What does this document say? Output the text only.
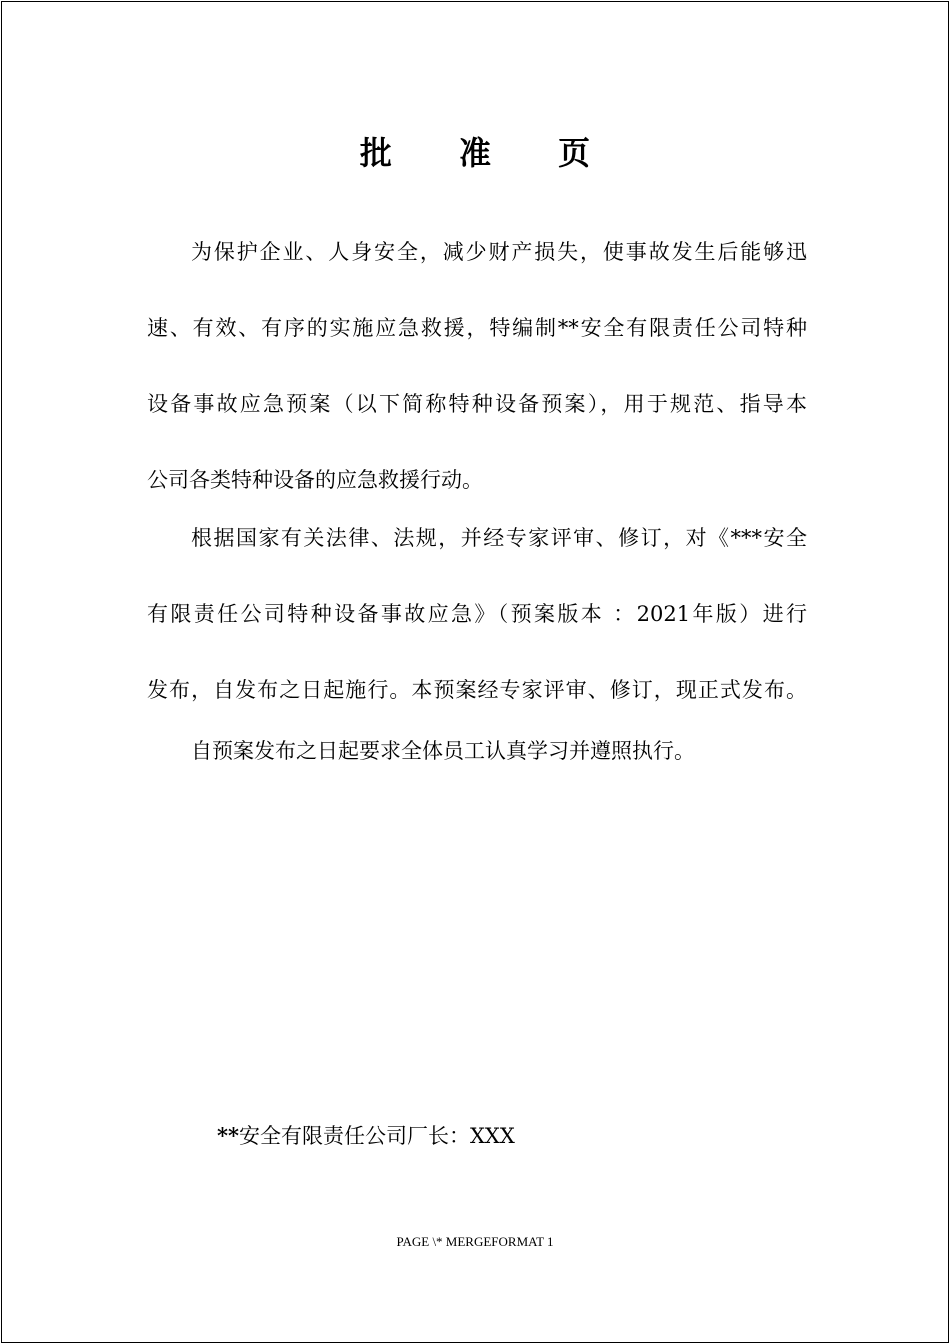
批 准 页

为保护企业、人身安全，减少财产损失，使事故发生后能够迅
速、有效、有序的实施应急救援，特编制**安全有限责任公司特种
设备事故应急预案（以下简称特种设备预案），用于规范、指导本
公司各类特种设备的应急救援行动。

根据国家有关法律、法规，并经专家评审、修订，对《***安全
有限责任公司特种设备事故应急》（预案版本 ：2021年版）进行
发布，自发布之日起施行。本预案经专家评审、修订，现正式发布。

自预案发布之日起要求全体员工认真学习并遵照执行。

**安全有限责任公司厂长：XXX
PAGE \* MERGEFORMAT 1
